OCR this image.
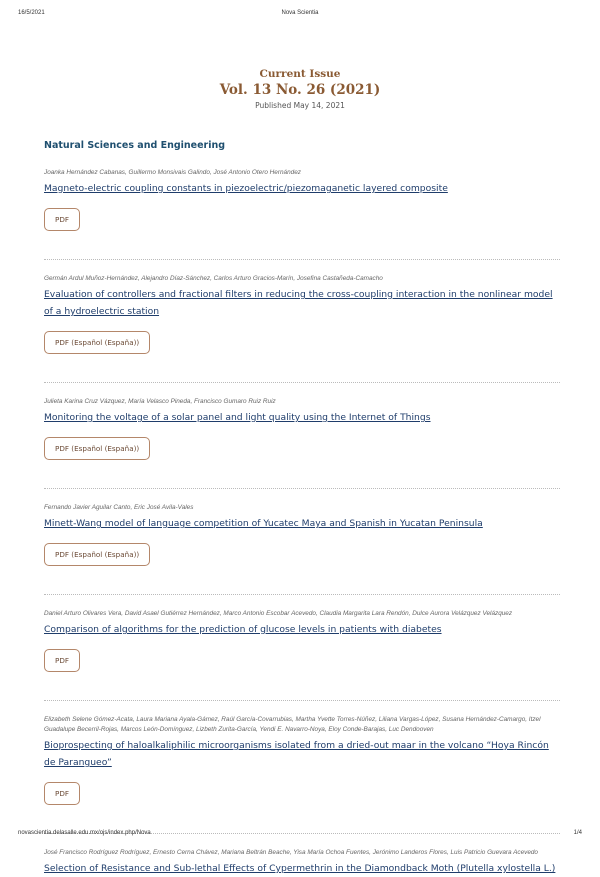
16/5/2021	Nova Scientia
Current Issue
Vol. 13 No. 26 (2021)
Published May 14, 2021
Natural Sciences and Engineering
Joanka Hernández Cabanas, Guillermo Monsivais Galindo, José Antonio Otero Hernández
Magneto-electric coupling constants in piezoelectric/piezomaganetic layered composite
PDF
Germán Ardul Muñoz-Hernández, Alejandro Díaz-Sánchez, Carlos Arturo Gracios-Marín, Josefina Castañeda-Camacho
Evaluation of controllers and fractional filters in reducing the cross-coupling interaction in the nonlinear model of a hydroelectric station
PDF (Español (España))
Julieta Karina Cruz Vázquez, María Velasco Pineda, Francisco Gumaro Ruiz Ruiz
Monitoring the voltage of a solar panel and light quality using the Internet of Things
PDF (Español (España))
Fernando Javier Aguilar Canto, Eric José Avila-Vales
Minett-Wang model of language competition of Yucatec Maya and Spanish in Yucatan Peninsula
PDF (Español (España))
Daniel Arturo Olivares Vera, David Asael Gutiérrez Hernández, Marco Antonio Escobar Acevedo, Claudia Margarita Lara Rendón, Dulce Aurora Velázquez Velázquez
Comparison of algorithms for the prediction of glucose levels in patients with diabetes
PDF
Elizabeth Selene Gómez-Acata, Laura Mariana Ayala-Gámez, Raúl García-Covarrubias, Martha Yvette Torres-Núñez, Liliana Vargas-López, Susana Hernández-Camargo, Itzel Guadalupe Becerril-Rojas, Marcos León-Domínguez, Lizbeth Zurita-García, Yendi E. Navarro-Noya, Eloy Conde-Barajas, Luc Dendooven
Bioprospecting of haloalkaliphilic microorganisms isolated from a dried-out maar in the volcano “Hoya Rincón de Parangueo”
PDF
José Francisco Rodríguez Rodríguez, Ernesto Cerna Chávez, Mariana Beltrán Beache, Yisa María Ochoa Fuentes, Jerónimo Landeros Flores, Luis Patricio Guevara Acevedo
Selection of Resistance and Sub-lethal Effects of Cypermethrin in the Diamondback Moth (Plutella xylostella L.)
novascientia.delasalle.edu.mx/ojs/index.php/Nova	1/4
